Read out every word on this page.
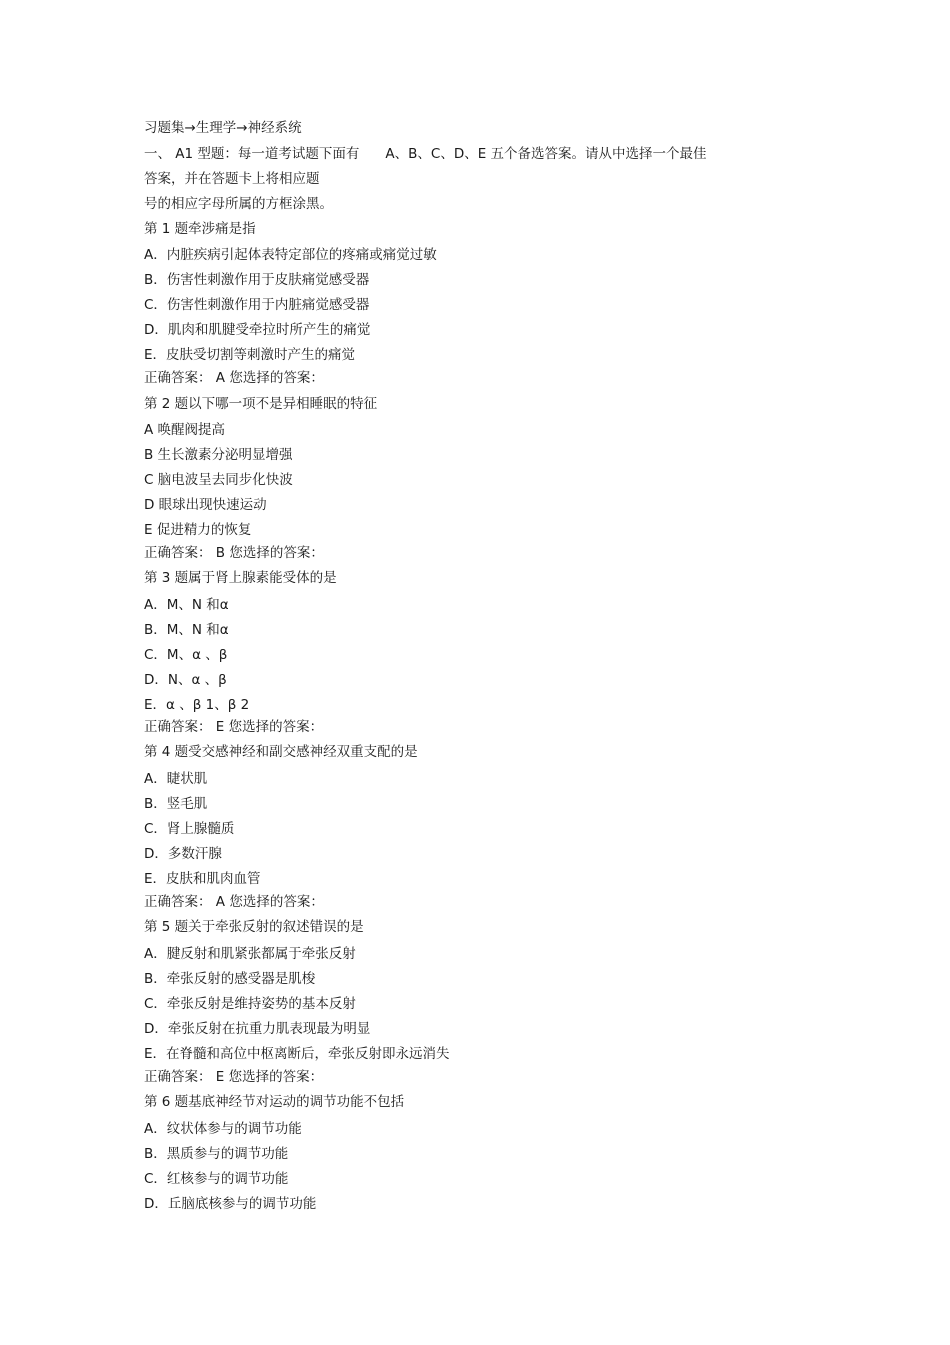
习题集→生理学→神经系统
一、 A1 型题：每一道考试题下面有 A、B、C、D、E 五个备选答案。请从中选择一个最佳
答案，并在答题卡上将相应题
号的相应字母所属的方框涂黑。
第 1 题牵涉痛是指
A．内脏疾病引起体表特定部位的疼痛或痛觉过敏
B．伤害性刺激作用于皮肤痛觉感受器
C．伤害性刺激作用于内脏痛觉感受器
D．肌肉和肌腱受牵拉时所产生的痛觉
E．皮肤受切割等刺激时产生的痛觉
正确答案： A 您选择的答案：
第 2 题以下哪一项不是异相睡眠的特征
A 唤醒阀提高
B 生长激素分泌明显增强
C 脑电波呈去同步化快波
D 眼球出现快速运动
E 促进精力的恢复
正确答案： B 您选择的答案：
第 3 题属于肾上腺素能受体的是
A．M、N 和α
B．M、N 和α
C．M、α 、β
D．N、α 、β
E．α 、β 1、β 2
正确答案： E 您选择的答案：
第 4 题受交感神经和副交感神经双重支配的是
A．睫状肌
B．竖毛肌
C．肾上腺髓质
D．多数汗腺
E．皮肤和肌肉血管
正确答案： A 您选择的答案：
第 5 题关于牵张反射的叙述错误的是
A．腱反射和肌紧张都属于牵张反射
B．牵张反射的感受器是肌梭
C．牵张反射是维持姿势的基本反射
D．牵张反射在抗重力肌表现最为明显
E．在脊髓和高位中枢离断后，牵张反射即永远消失
正确答案： E 您选择的答案：
第 6 题基底神经节对运动的调节功能不包括
A．纹状体参与的调节功能
B．黑质参与的调节功能
C．红核参与的调节功能
D．丘脑底核参与的调节功能
